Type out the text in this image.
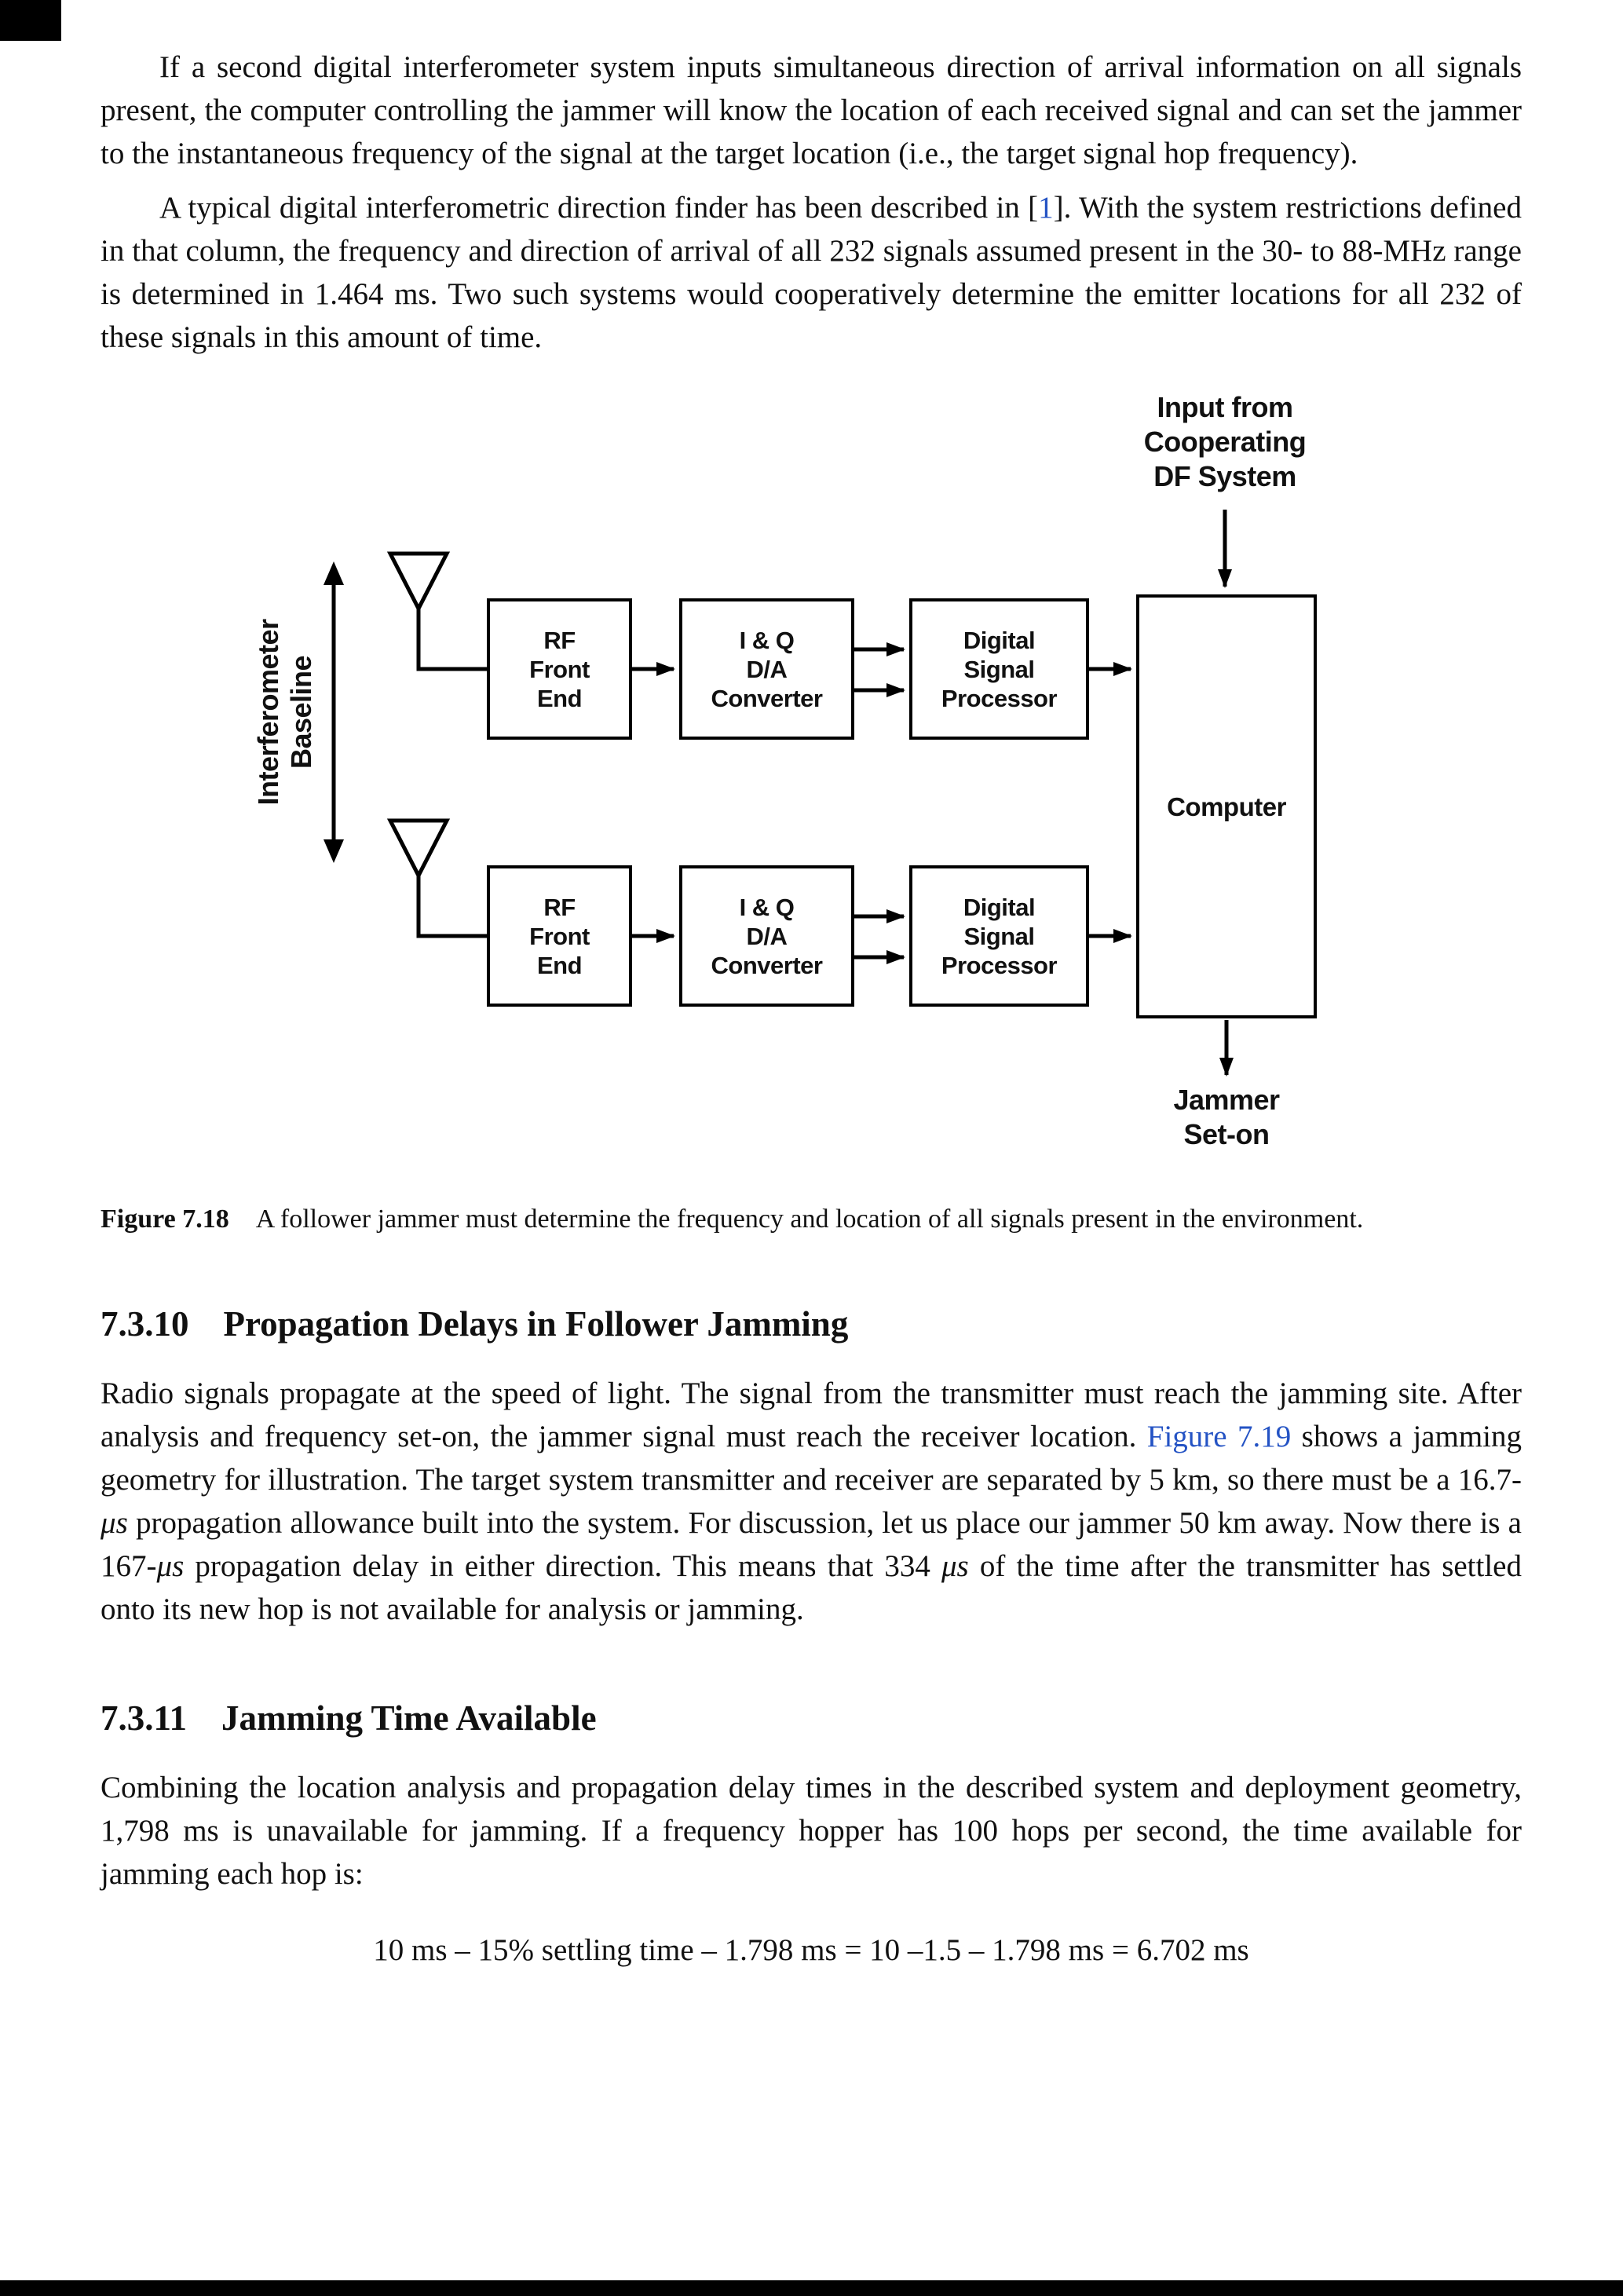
If a second digital interferometer system inputs simultaneous direction of arrival information on all signals present, the computer controlling the jammer will know the location of each received signal and can set the jammer to the instantaneous frequency of the signal at the target location (i.e., the target signal hop frequency).

A typical digital interferometric direction finder has been described in [1]. With the system restrictions defined in that column, the frequency and direction of arrival of all 232 signals assumed present in the 30- to 88-MHz range is determined in 1.464 ms. Two such systems would cooperatively determine the emitter locations for all 232 of these signals in this amount of time.

Input from
Cooperating
DF System
Interferometer Baseline
Jammer
Set-on
RF
Front
End
I & Q
D/A
Converter
Digital
Signal
Processor
RF
Front
End
I & Q
D/A
Converter
Digital
Signal
Processor
Computer

Figure 7.18 A follower jammer must determine the frequency and location of all signals present in the environment.

7.3.10 Propagation Delays in Follower Jamming

Radio signals propagate at the speed of light. The signal from the transmitter must reach the jamming site. After analysis and frequency set-on, the jammer signal must reach the receiver location. Figure 7.19 shows a jamming geometry for illustration. The target system transmitter and receiver are separated by 5 km, so there must be a 16.7-μs propagation allowance built into the system. For discussion, let us place our jammer 50 km away. Now there is a 167-μs propagation delay in either direction. This means that 334 μs of the time after the transmitter has settled onto its new hop is not available for analysis or jamming.

7.3.11 Jamming Time Available

Combining the location analysis and propagation delay times in the described system and deployment geometry, 1,798 ms is unavailable for jamming. If a frequency hopper has 100 hops per second, the time available for jamming each hop is:

10 ms – 15% settling time – 1.798 ms = 10 –1.5 – 1.798 ms = 6.702 ms
